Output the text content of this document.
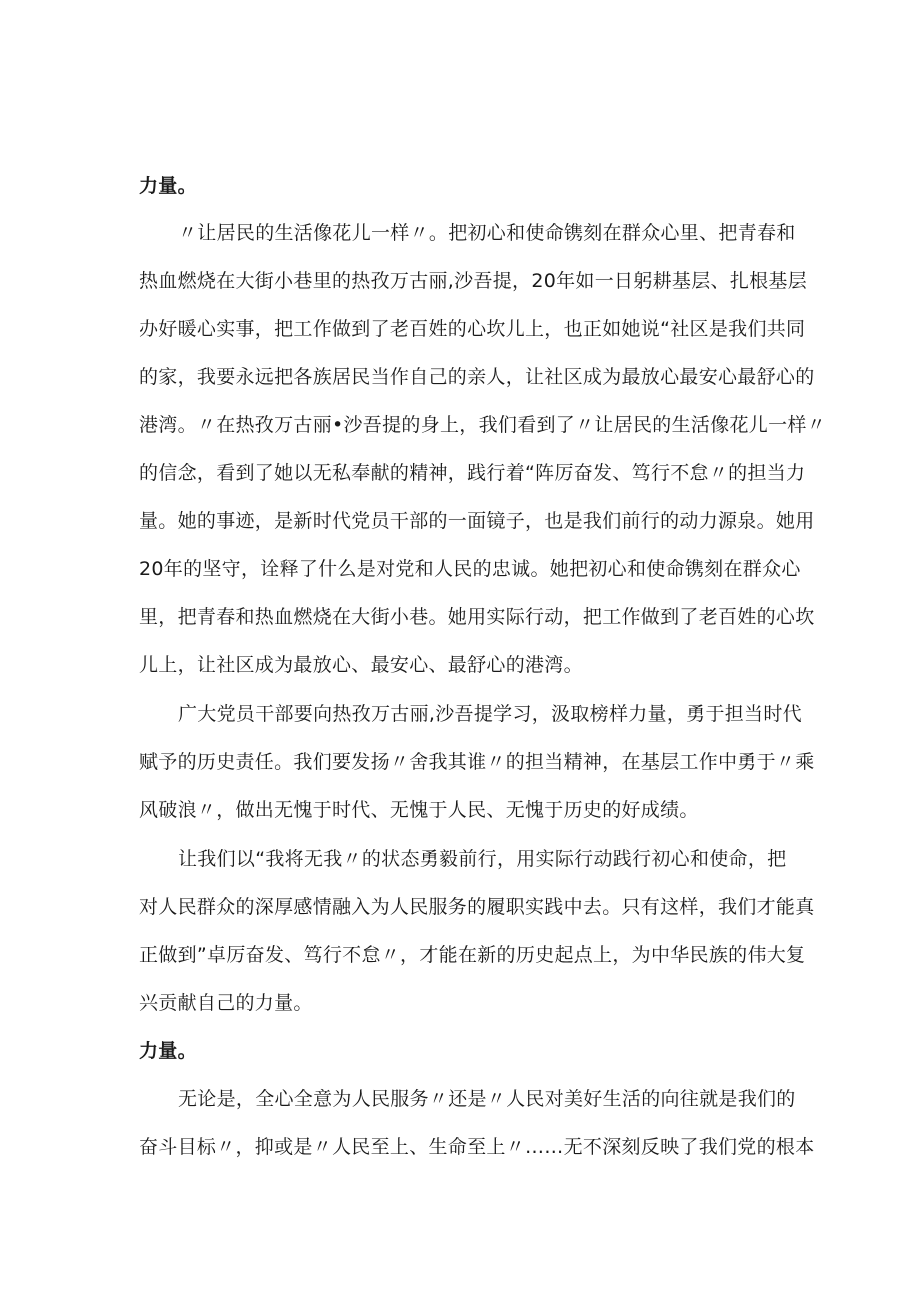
力量。
〃让居民的生活像花儿一样〃。把初心和使命镌刻在群众心里、把青春和
热血燃烧在大街小巷里的热孜万古丽,沙吾提，20年如一日躬耕基层、扎根基层
办好暖心实事，把工作做到了老百姓的心坎儿上，也正如她说“社区是我们共同
的家，我要永远把各族居民当作自己的亲人，让社区成为最放心最安心最舒心的
港湾。〃在热孜万古丽•沙吾提的身上，我们看到了〃让居民的生活像花儿一样〃
的信念，看到了她以无私奉献的精神，践行着“阵厉奋发、笃行不怠〃的担当力
量。她的事迹，是新时代党员干部的一面镜子，也是我们前行的动力源泉。她用
20年的坚守，诠释了什么是对党和人民的忠诚。她把初心和使命镌刻在群众心
里，把青春和热血燃烧在大街小巷。她用实际行动，把工作做到了老百姓的心坎
儿上，让社区成为最放心、最安心、最舒心的港湾。
广大党员干部要向热孜万古丽,沙吾提学习，汲取榜样力量，勇于担当时代
赋予的历史责任。我们要发扬〃舍我其谁〃的担当精神，在基层工作中勇于〃乘
风破浪〃，做出无愧于时代、无愧于人民、无愧于历史的好成绩。
让我们以“我将无我〃的状态勇毅前行，用实际行动践行初心和使命，把
对人民群众的深厚感情融入为人民服务的履职实践中去。只有这样，我们才能真
正做到”卓厉奋发、笃行不怠〃，才能在新的历史起点上，为中华民族的伟大复
兴贡献自己的力量。
力量。
无论是，全心全意为人民服务〃还是〃人民对美好生活的向往就是我们的
奋斗目标〃，抑或是〃人民至上、生命至上〃……无不深刻反映了我们党的根本
